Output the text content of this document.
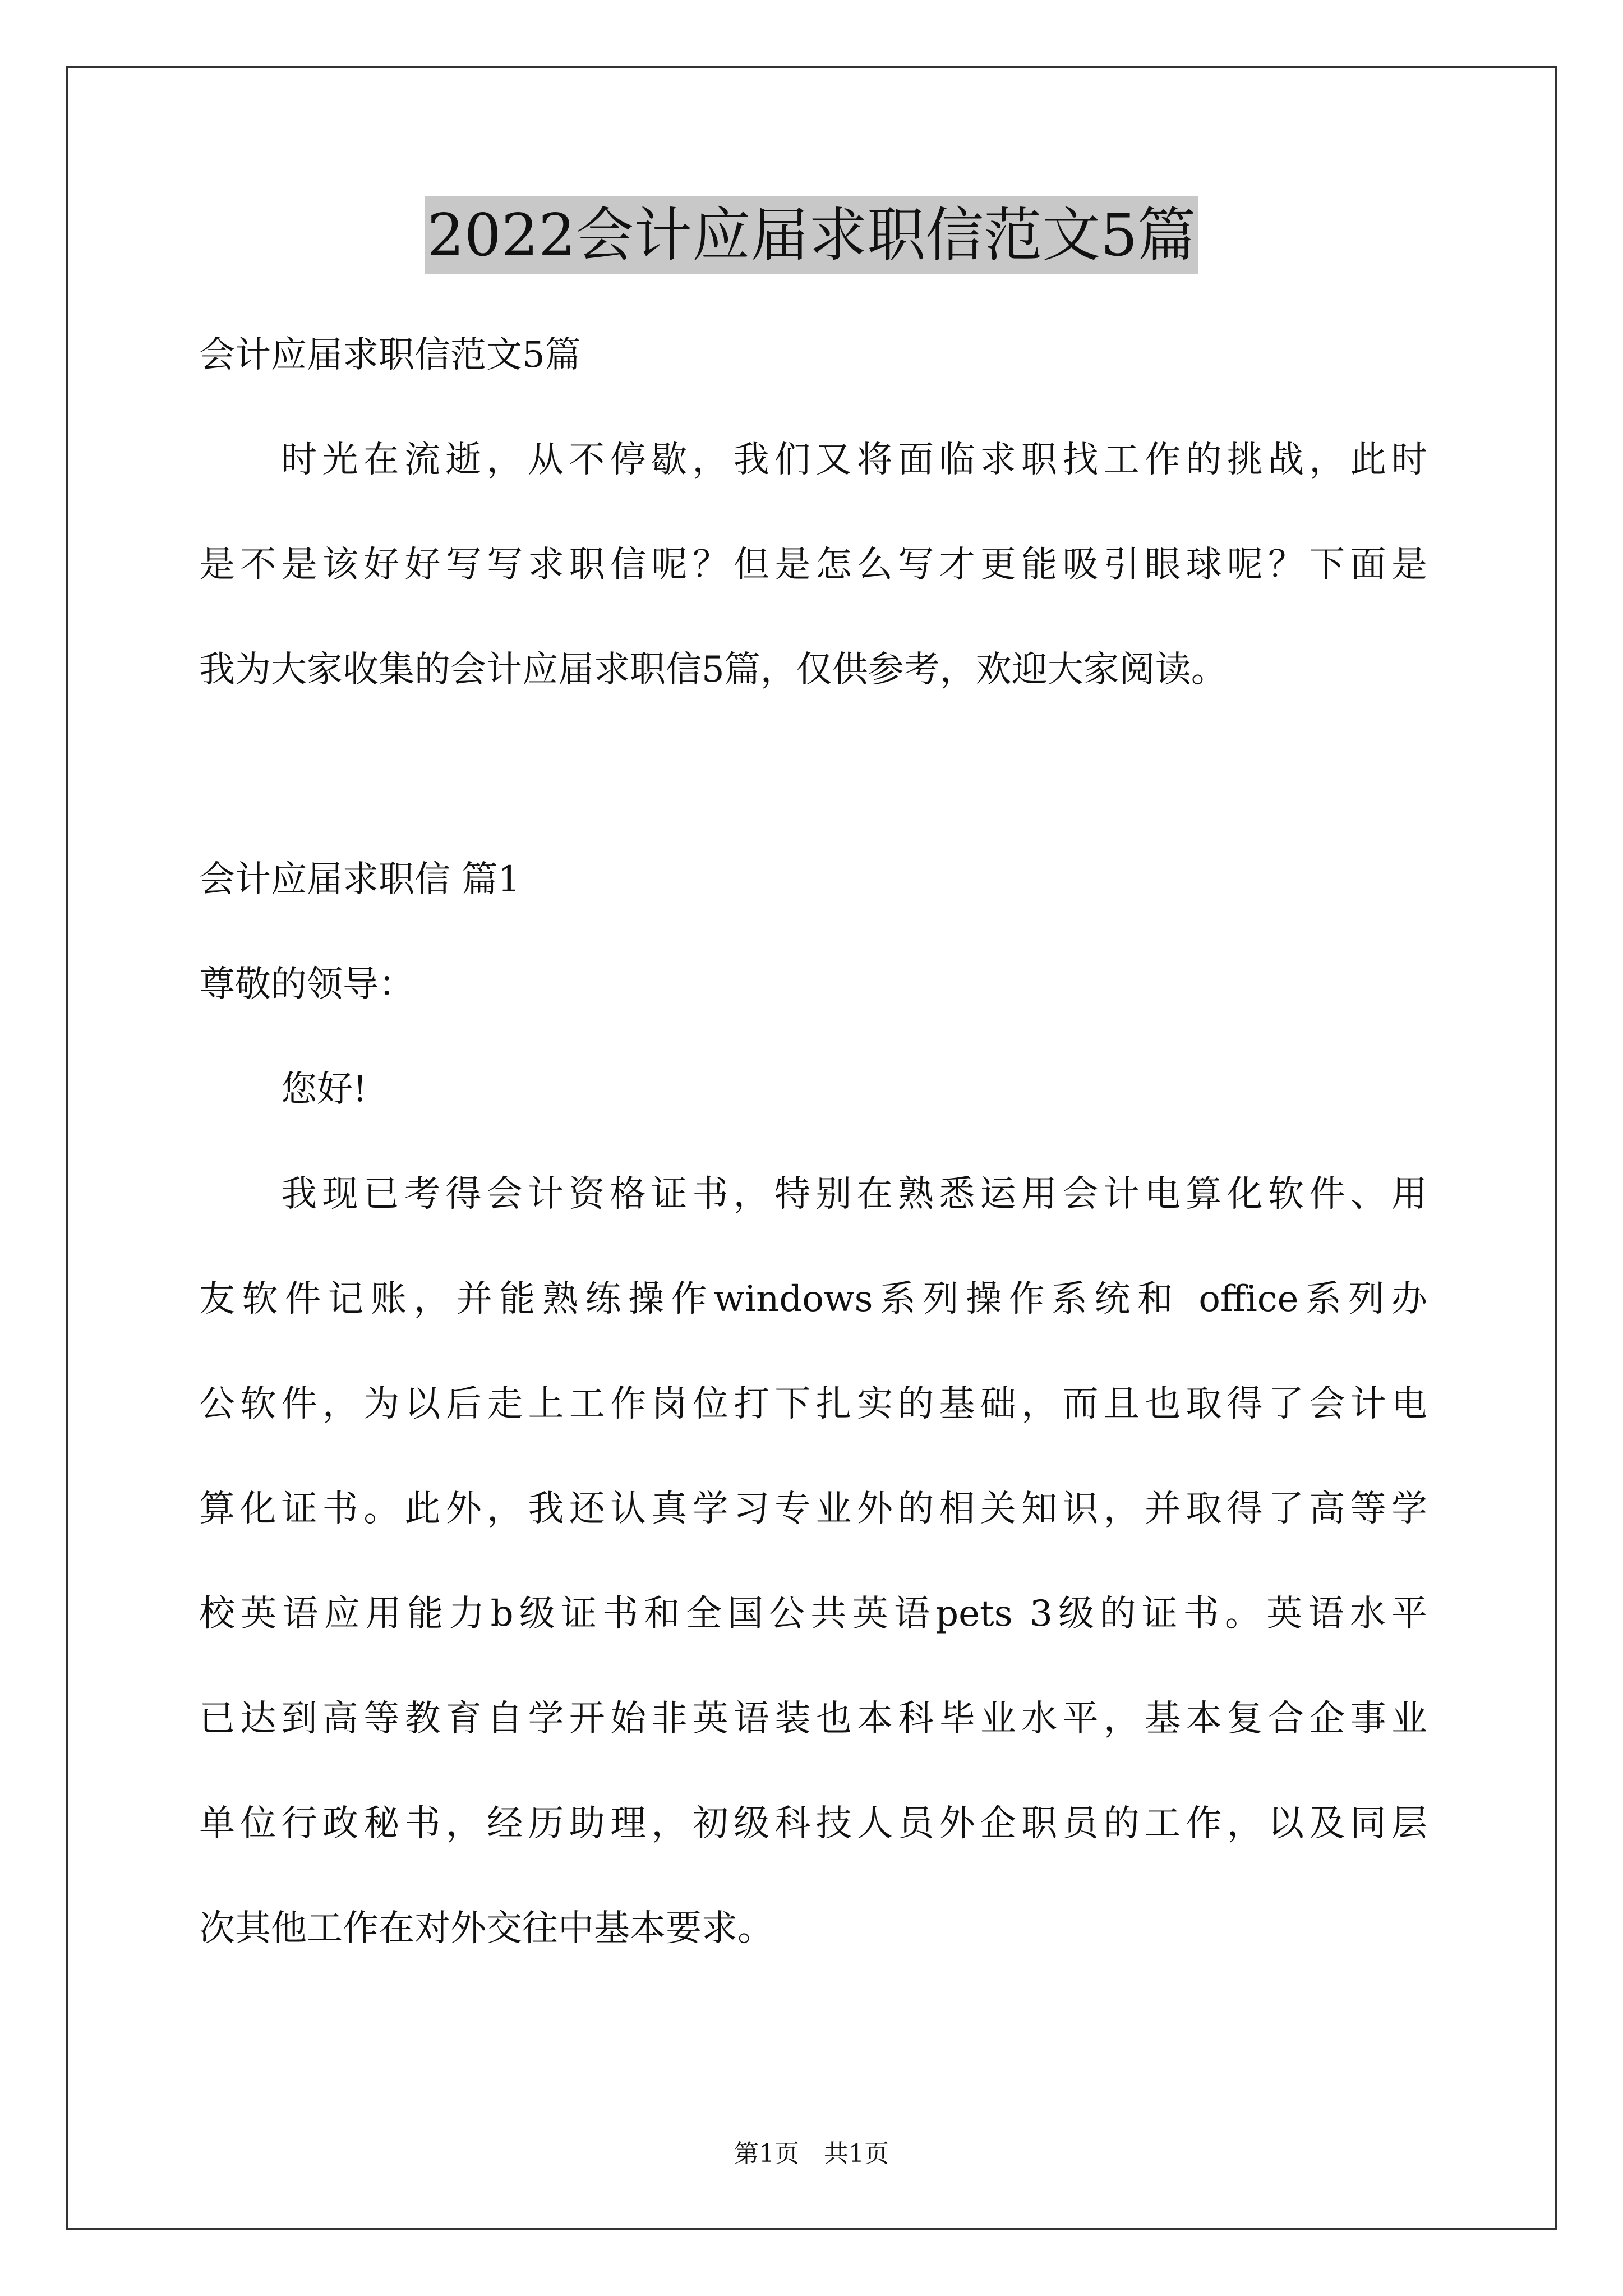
2022会计应届求职信范文5篇
会计应届求职信范文5篇
时光在流逝，从不停歇，我们又将面临求职找工作的挑战，此时
是不是该好好写写求职信呢？但是怎么写才更能吸引眼球呢？下面是
我为大家收集的会计应届求职信5篇，仅供参考，欢迎大家阅读。
会计应届求职信 篇1
尊敬的领导：
您好!
我现已考得会计资格证书，特别在熟悉运用会计电算化软件、用
友软件记账，并能熟练操作windows系列操作系统和 office系列办
公软件，为以后走上工作岗位打下扎实的基础，而且也取得了会计电
算化证书。此外，我还认真学习专业外的相关知识，并取得了高等学
校英语应用能力b级证书和全国公共英语pets 3级的证书。英语水平
已达到高等教育自学开始非英语装也本科毕业水平，基本复合企事业
单位行政秘书，经历助理，初级科技人员外企职员的工作，以及同层
次其他工作在对外交往中基本要求。
第1页　共1页
